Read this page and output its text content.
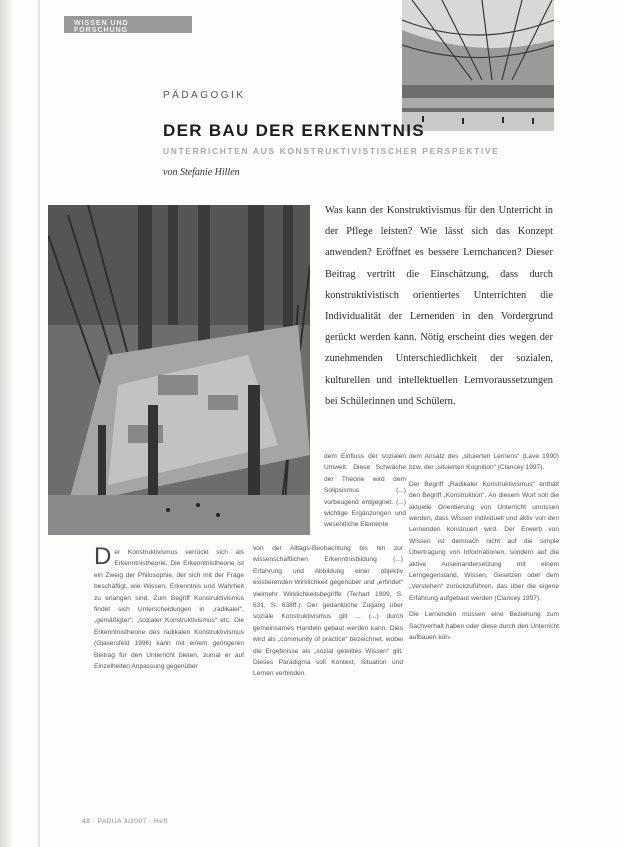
WISSEN UND FORSCHUNG
PÄDAGOGIK
DER BAU DER ERKENNTNIS
UNTERRICHTEN AUS KONSTRUKTIVISTISCHER PERSPEKTIVE
von Stefanie Hillen
Was kann der Konstruktivismus für den Unterricht in der Pflege leisten? Wie lässt sich das Konzept anwenden? Eröffnet es bessere Lernchancen? Dieser Beitrag vertritt die Einschätzung, dass durch konstruktivistisch orientiertes Unterrichten die Individualität der Lernenden in den Vordergrund gerückt werden kann. Nötig erscheint dies wegen der zunehmenden Unterschiedlichkeit der sozialen, kulturellen und intellektuellen Lernvoraussetzungen bei Schülerinnen und Schülern.

dem Einfluss der sozialen Umwelt. Diese Schwäche der Theorie wird dem Solipsismus (...) vorbeugend entgegnet. (...) wichtige Ergänzungen und wesentliche Elemente

dem Ansatz des „situierten Lernens“ (Lave 1990) bzw. der „situierten Kognition“ (Clancey 1997).

Der Begriff „Radikaler Konstruktivismus“ enthält den Begriff „Konstruktion“. An diesem Wort soll die aktuelle Orientierung von Unterricht umrissen werden, dass Wissen individuell und aktiv von den Lernenden konstruiert wird. Der Erwerb von Wissen ist demnach nicht auf die simple Übertragung von Informationen, sondern auf die aktive Auseinandersetzung mit einem Lerngegenstand, Wissen, Gesetzen oder dem „Verstehen“ zurückzuführen, das über die eigene Erfahrung aufgebaut werden (Clancey 1997).

Die Lernenden müssen eine Beziehung zum Sachverhalt haben oder diese durch den Unterricht aufbauen kön-

D er Konstruktivismus verrückt sich als Erkenntnistheorie. Die Erkenntnistheorie ist ein Zweig der Philosophie, der sich mit der Frage beschäftigt, wie Wissen, Erkenntnis und Wahrheit zu erlangen sind. Zum Begriff Konstruktivismus findet sich Unterscheidungen in „radikaler“, „gemäßigter“, „sozialer Konstruktivismus“ etc. Die Erkenntnistheorie des radikalen Konstruktivismus (Glasersfeld 1996) kann mit einem geringeren Beitrag für den Unterricht bieten, zumal er auf Einzelheiten Anpassung gegenüber

von der Alltags-Beobachtung bis hin zur wissenschaftlichen Erkenntnisbildung (...) Erfahrung und Abbildung einer objektiv existierenden Wirklichkeit gegenüber und „erfindet“ vielmehr Wirklichkeitsbegriffe (Terhart 1999, S. 631, S. 638ff.). Der gedankliche Zugang über soziale Konstruktivismus gilt ... (...) durch gemeinsames Handeln gebaut werden kann. Dies wird als „community of practice“ bezeichnet, wobei die Ergebnisse als „sozial geteiltes Wissen“ gilt. Dieses Paradigma soll Kontext, Situation und Lernen verbinden.

48 · PADUA 3/2007 · Heft
